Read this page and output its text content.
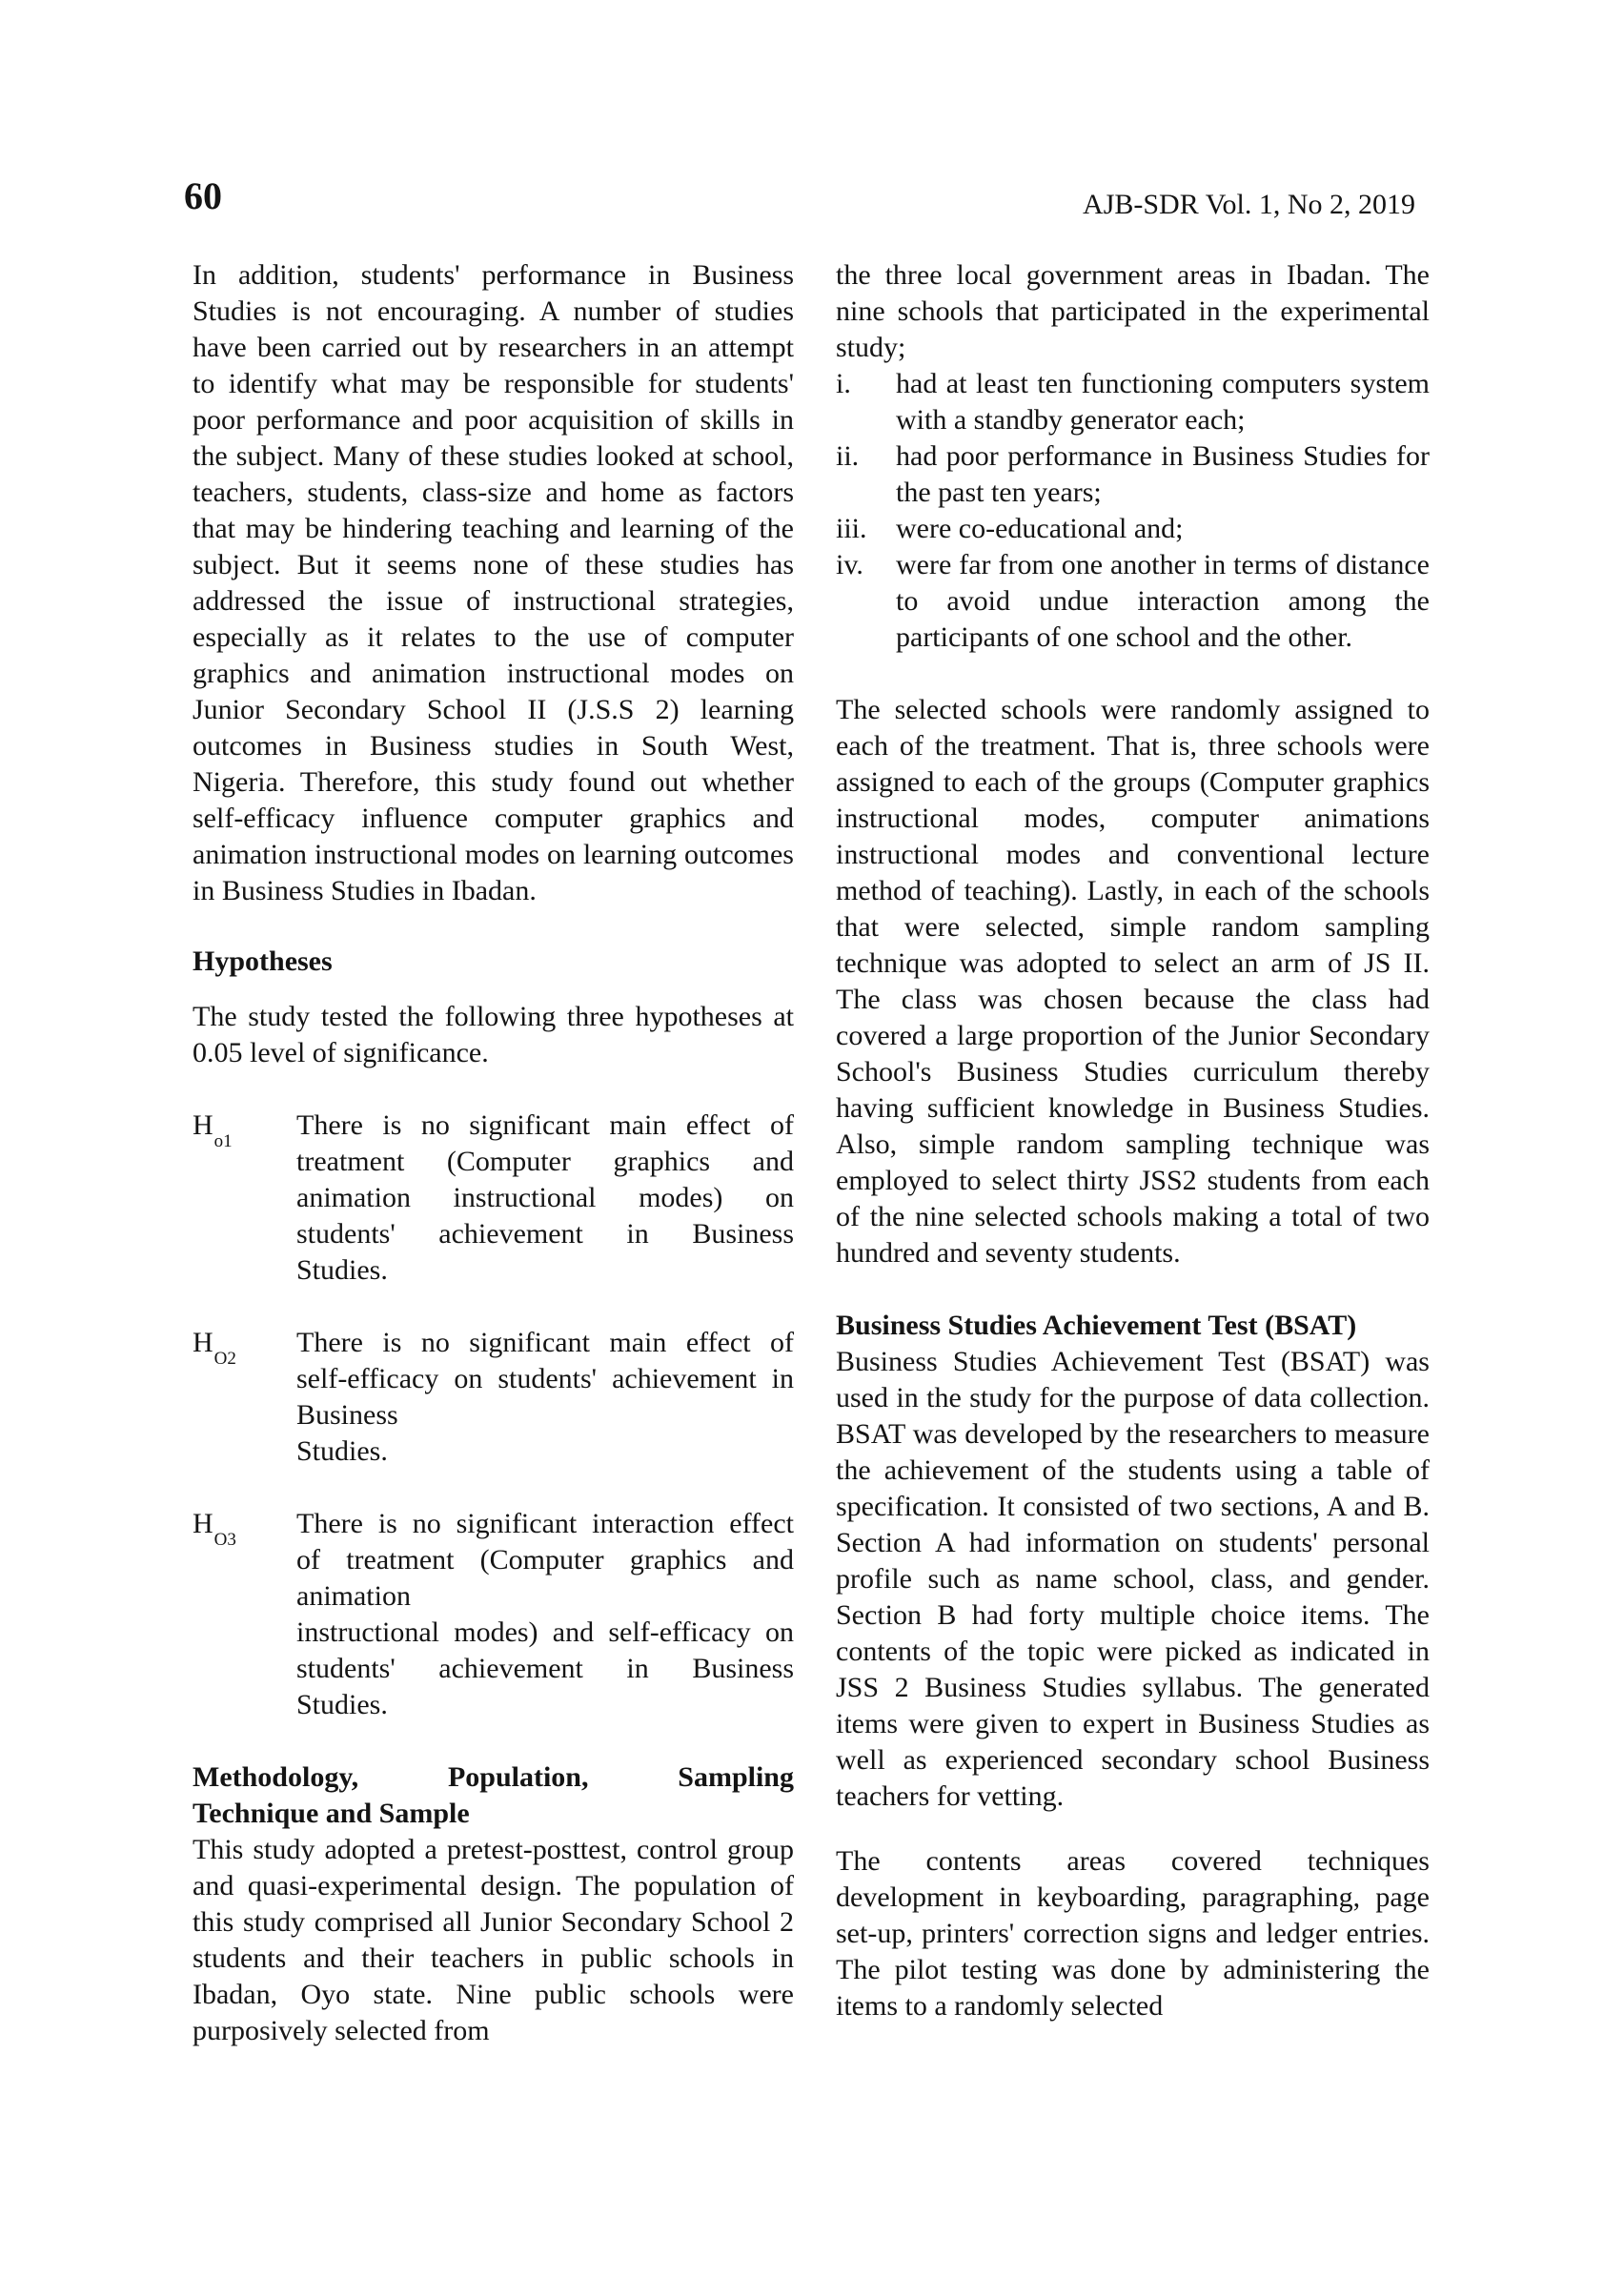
60	AJB-SDR Vol. 1, No 2, 2019

In addition, students' performance in Business Studies is not encouraging. A number of studies have been carried out by researchers in an attempt to identify what may be responsible for students' poor performance and poor acquisition of skills in the subject. Many of these studies looked at school, teachers, students, class-size and home as factors that may be hindering teaching and learning of the subject. But it seems none of these studies has addressed the issue of instructional strategies, especially as it relates to the use of computer graphics and animation instructional modes on Junior Secondary School II (J.S.S 2) learning outcomes in Business studies in South West, Nigeria. Therefore, this study found out whether self-efficacy influence computer graphics and animation instructional modes on learning outcomes in Business Studies in Ibadan.

Hypotheses

The study tested the following three hypotheses at 0.05 level of significance.

$H_{o1}$
There is no significant main effect of
treatment (Computer graphics and
animation instructional modes) on
students' achievement in Business
Studies.
$H_{O2}$
There is no significant main effect of
self-efficacy on students' achievement in
Business
Studies.
$H_{O3}$
There is no significant interaction effect
of treatment (Computer graphics and
animation
instructional modes) and self-efficacy on
students' achievement in Business
Studies.
Methodology, Population, Sampling
Technique and Sample

This study adopted a pretest-posttest, control group and quasi-experimental design. The population of this study comprised all Junior Secondary School 2 students and their teachers in public schools in Ibadan, Oyo state. Nine public schools were purposively selected from

the three local government areas in Ibadan. The nine schools that participated in the experimental study;

i.	had at least ten functioning computers system with a standby generator each;
ii.	had poor performance in Business Studies for the past ten years;
iii.	were co-educational and;
iv.	were far from one another in terms of distance to avoid undue interaction among the participants of one school and the other.

The selected schools were randomly assigned to each of the treatment. That is, three schools were assigned to each of the groups (Computer graphics instructional modes, computer animations instructional modes and conventional lecture method of teaching). Lastly, in each of the schools that were selected, simple random sampling technique was adopted to select an arm of JS II. The class was chosen because the class had covered a large proportion of the Junior Secondary School's Business Studies curriculum thereby having sufficient knowledge in Business Studies. Also, simple random sampling technique was employed to select thirty JSS2 students from each of the nine selected schools making a total of two hundred and seventy students.

Business Studies Achievement Test (BSAT)

Business Studies Achievement Test (BSAT) was used in the study for the purpose of data collection. BSAT was developed by the researchers to measure the achievement of the students using a table of specification. It consisted of two sections, A and B. Section A had information on students' personal profile such as name school, class, and gender. Section B had forty multiple choice items. The contents of the topic were picked as indicated in JSS 2 Business Studies syllabus. The generated items were given to expert in Business Studies as well as experienced secondary school Business teachers for vetting.

The contents areas covered techniques development in keyboarding, paragraphing, page set-up, printers' correction signs and ledger entries. The pilot testing was done by administering the items to a randomly selected
